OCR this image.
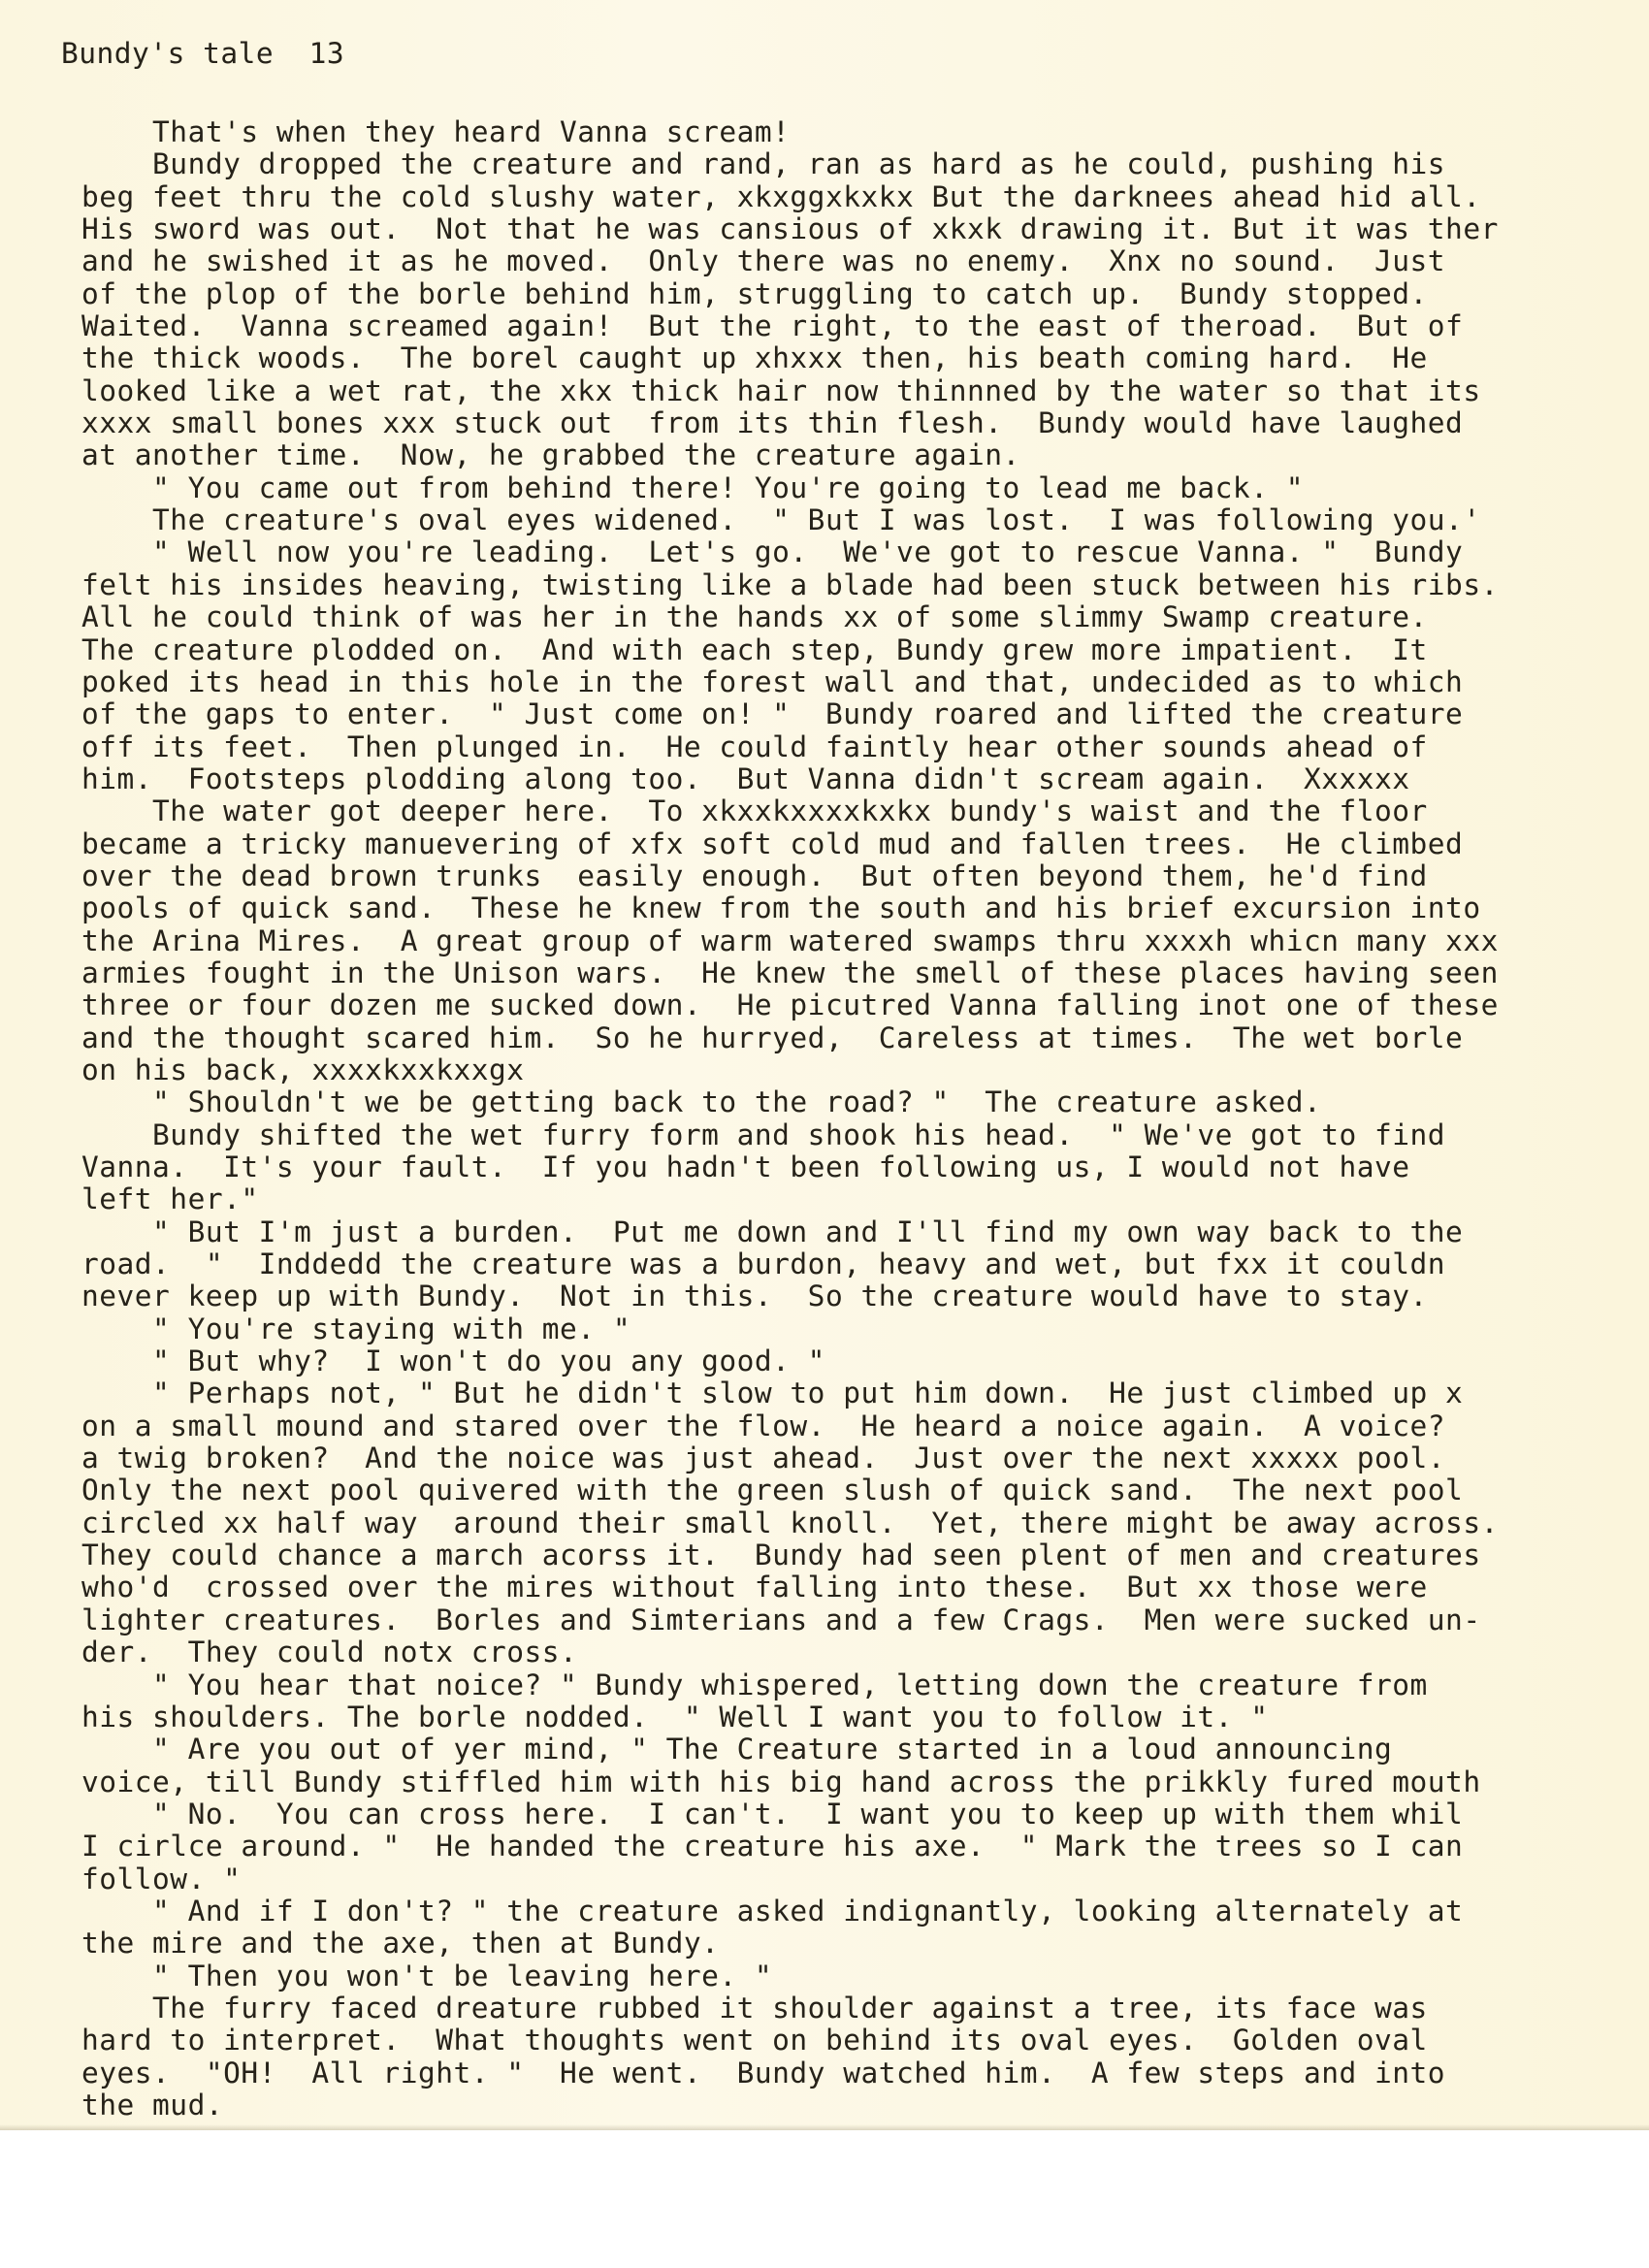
Bundy's tale  13
That's when they heard Vanna scream!
Bundy dropped the creature and rand, ran as hard as he could, pushing his
beg feet thru the cold slushy water, xkxggxkxkx But the darknees ahead hid all.
His sword was out.  Not that he was cansious of xkxk drawing it. But it was ther
and he swished it as he moved.  Only there was no enemy.  Xnx no sound.  Just
of the plop of the borle behind him, struggling to catch up.  Bundy stopped.
Waited.  Vanna screamed again!  But the right, to the east of theroad.  But of
the thick woods.  The borel caught up xhxxx then, his beath coming hard.  He
looked like a wet rat, the xkx thick hair now thinnned by the water so that its
xxxx small bones xxx stuck out  from its thin flesh.  Bundy would have laughed
at another time.  Now, he grabbed the creature again.
" You came out from behind there! You're going to lead me back. "
The creature's oval eyes widened.  " But I was lost.  I was following you.'
" Well now you're leading.  Let's go.  We've got to rescue Vanna. "  Bundy
felt his insides heaving, twisting like a blade had been stuck between his ribs.
All he could think of was her in the hands xx of some slimmy Swamp creature.
The creature plodded on.  And with each step, Bundy grew more impatient.  It
poked its head in this hole in the forest wall and that, undecided as to which
of the gaps to enter.  " Just come on! "  Bundy roared and lifted the creature
off its feet.  Then plunged in.  He could faintly hear other sounds ahead of
him.  Footsteps plodding along too.  But Vanna didn't scream again.  Xxxxxx
The water got deeper here.  To xkxxkxxxxkxkx bundy's waist and the floor
became a tricky manuevering of xfx soft cold mud and fallen trees.  He climbed
over the dead brown trunks  easily enough.  But often beyond them, he'd find
pools of quick sand.  These he knew from the south and his brief excursion into
the Arina Mires.  A great group of warm watered swamps thru xxxxh whicn many xxx
armies fought in the Unison wars.  He knew the smell of these places having seen
three or four dozen me sucked down.  He picutred Vanna falling inot one of these
and the thought scared him.  So he hurryed,  Careless at times.  The wet borle
on his back, xxxxkxxkxxgx
" Shouldn't we be getting back to the road? "  The creature asked.
Bundy shifted the wet furry form and shook his head.  " We've got to find
Vanna.  It's your fault.  If you hadn't been following us, I would not have
left her."
" But I'm just a burden.  Put me down and I'll find my own way back to the
road.  "  Inddedd the creature was a burdon, heavy and wet, but fxx it couldn
never keep up with Bundy.  Not in this.  So the creature would have to stay.
" You're staying with me. "
" But why?  I won't do you any good. "
" Perhaps not, " But he didn't slow to put him down.  He just climbed up x
on a small mound and stared over the flow.  He heard a noice again.  A voice?
a twig broken?  And the noice was just ahead.  Just over the next xxxxx pool.
Only the next pool quivered with the green slush of quick sand.  The next pool
circled xx half way  around their small knoll.  Yet, there might be away across.
They could chance a march acorss it.  Bundy had seen plent of men and creatures
who'd  crossed over the mires without falling into these.  But xx those were
lighter creatures.  Borles and Simterians and a few Crags.  Men were sucked un-
der.  They could notx cross.
" You hear that noice? " Bundy whispered, letting down the creature from
his shoulders. The borle nodded.  " Well I want you to follow it. "
" Are you out of yer mind, " The Creature started in a loud announcing
voice, till Bundy stiffled him with his big hand across the prikkly fured mouth
" No.  You can cross here.  I can't.  I want you to keep up with them whil
I cirlce around. "  He handed the creature his axe.  " Mark the trees so I can
follow. "
" And if I don't? " the creature asked indignantly, looking alternately at
the mire and the axe, then at Bundy.
" Then you won't be leaving here. "
The furry faced dreature rubbed it shoulder against a tree, its face was
hard to interpret.  What thoughts went on behind its oval eyes.  Golden oval
eyes.  "OH!  All right. "  He went.  Bundy watched him.  A few steps and into
the mud.
